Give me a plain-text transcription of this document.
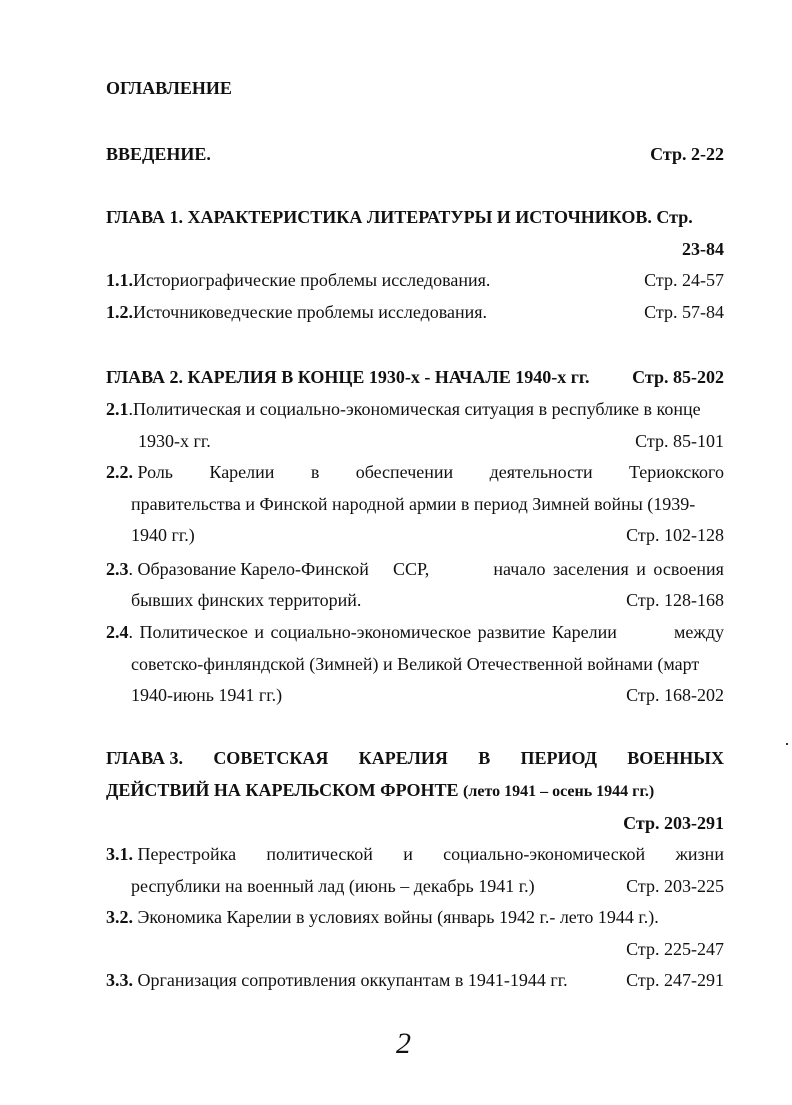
ОГЛАВЛЕНИЕ
ВВЕДЕНИЕ.	Стр. 2-22
ГЛАВА 1. ХАРАКТЕРИСТИКА ЛИТЕРАТУРЫ И ИСТОЧНИКОВ. Стр.
23-84
1.1.Историографические проблемы исследования.	Стр. 24-57
1.2.Источниковедческие проблемы исследования.	Стр. 57-84
ГЛАВА 2. КАРЕЛИЯ В КОНЦЕ 1930-х - НАЧАЛЕ 1940-х гг. Стр. 85-202
2.1.Политическая и социально-экономическая ситуация в республике в конце
1930-х гг.	Стр. 85-101
2.2. Роль Карелии в обеспечении деятельности Териокского
правительства и Финской народной армии в период Зимней войны (1939-
1940 гг.)	Стр. 102-128
2.3. Образование Карело-Финской ССР,	начало заселения и освоения
бывших финских территорий.	Стр. 128-168
2.4. Политическое и социально-экономическое развитие Карелии	между
советско-финляндской (Зимней) и Великой Отечественной войнами (март
1940-июнь 1941 гг.)	Стр. 168-202
ГЛАВА 3. СОВЕТСКАЯ КАРЕЛИЯ В ПЕРИОД ВОЕННЫХ
ДЕЙСТВИЙ НА КАРЕЛЬСКОМ ФРОНТЕ (лето 1941 – осень 1944 гг.)
Стр. 203-291
3.1. Перестройка политической и социально-экономической жизни
республики на военный лад (июнь – декабрь 1941 г.)	Стр. 203-225
3.2. Экономика Карелии в условиях войны (январь 1942 г.- лето 1944 г.).
Стр. 225-247
3.3. Организация сопротивления оккупантам в 1941-1944 гг.	Стр. 247-291
2
